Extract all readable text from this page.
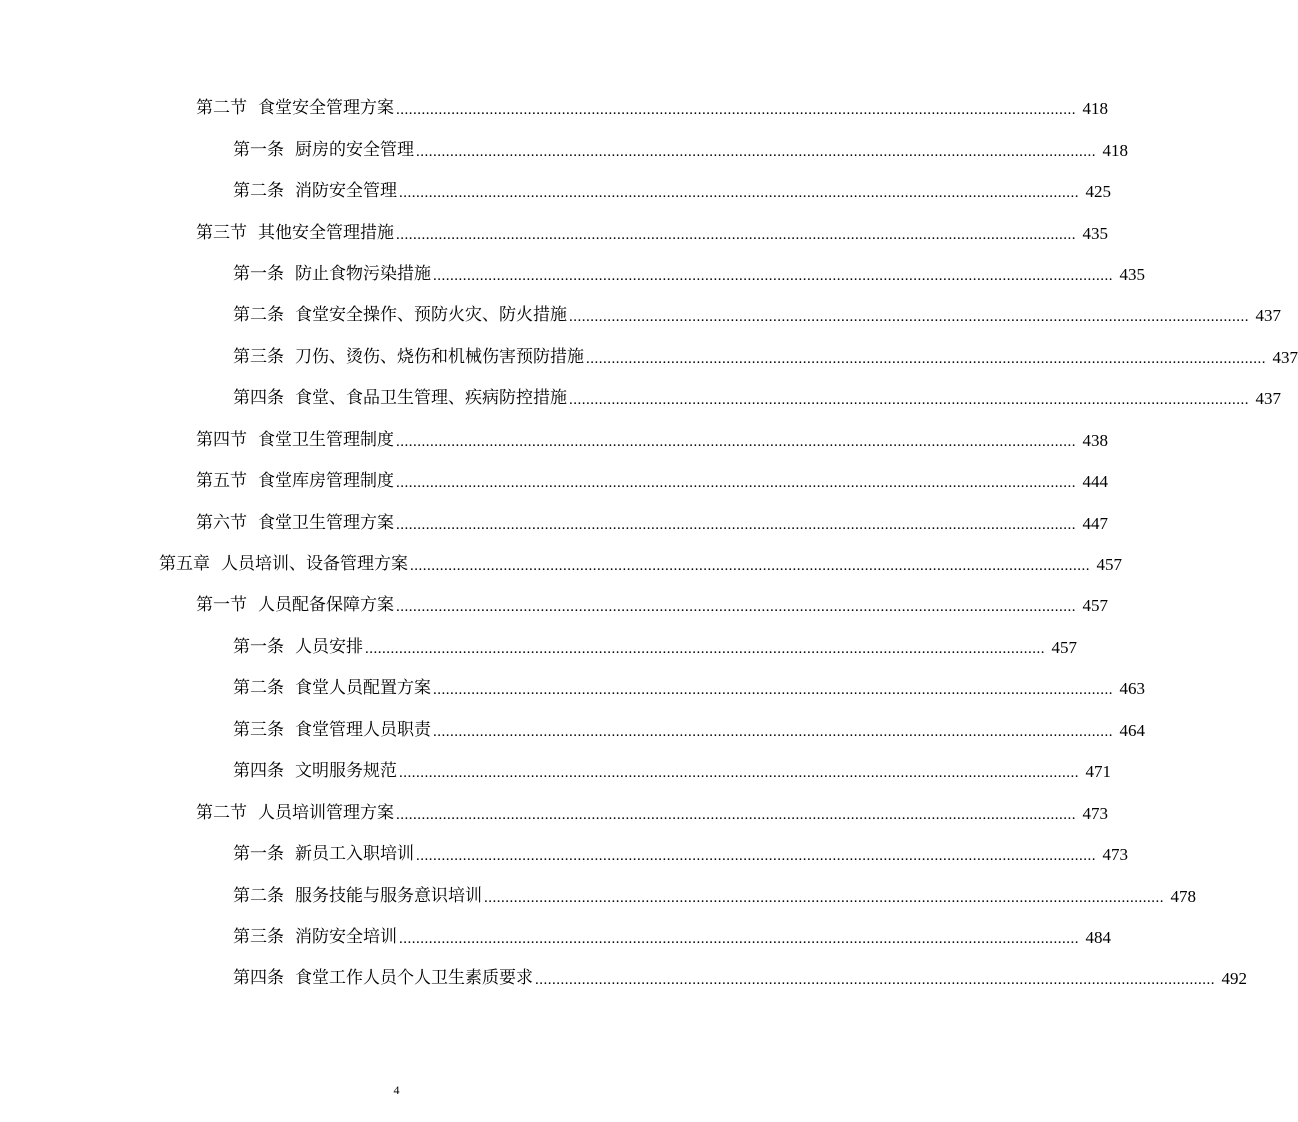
第二节 食堂安全管理方案 ................................................................................................................................................................ 418
第一条 厨房的安全管理 ................................................................................................................................................................ 418
第二条 消防安全管理 ................................................................................................................................................................ 425
第三节 其他安全管理措施 ................................................................................................................................................................ 435
第一条 防止食物污染措施 ................................................................................................................................................................ 435
第二条 食堂安全操作、预防火灾、防火措施 ................................................................................................................................................................ 437
第三条 刀伤、烫伤、烧伤和机械伤害预防措施 ................................................................................................................................................................ 437
第四条 食堂、食品卫生管理、疾病防控措施 ................................................................................................................................................................ 437
第四节 食堂卫生管理制度 ................................................................................................................................................................ 438
第五节 食堂库房管理制度 ................................................................................................................................................................ 444
第六节 食堂卫生管理方案 ................................................................................................................................................................ 447
第五章 人员培训、设备管理方案 ................................................................................................................................................................ 457
第一节 人员配备保障方案 ................................................................................................................................................................ 457
第一条 人员安排 ................................................................................................................................................................ 457
第二条 食堂人员配置方案 ................................................................................................................................................................ 463
第三条 食堂管理人员职责 ................................................................................................................................................................ 464
第四条 文明服务规范 ................................................................................................................................................................ 471
第二节 人员培训管理方案 ................................................................................................................................................................ 473
第一条 新员工入职培训 ................................................................................................................................................................ 473
第二条 服务技能与服务意识培训 ................................................................................................................................................................ 478
第三条 消防安全培训 ................................................................................................................................................................ 484
第四条 食堂工作人员个人卫生素质要求 ................................................................................................................................................................ 492
4
